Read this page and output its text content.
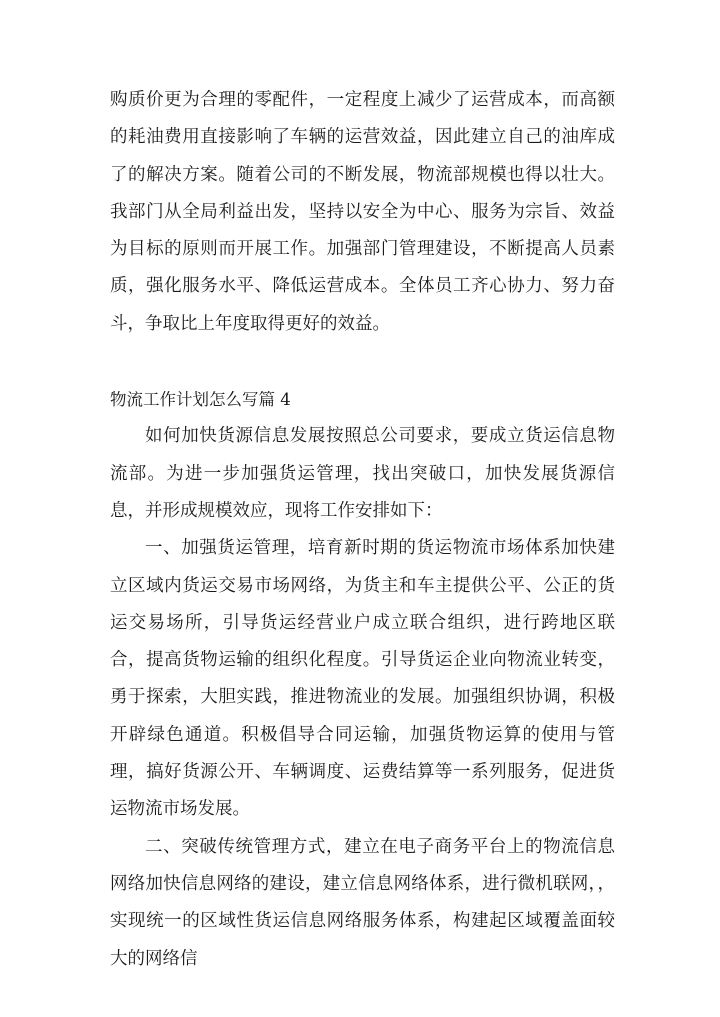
购质价更为合理的零配件，一定程度上减少了运营成本，而高额的耗油费用直接影响了车辆的运营效益，因此建立自己的油库成了的解决方案。随着公司的不断发展，物流部规模也得以壮大。我部门从全局利益出发，坚持以安全为中心、服务为宗旨、效益为目标的原则而开展工作。加强部门管理建设，不断提高人员素质，强化服务水平、降低运营成本。全体员工齐心协力、努力奋斗，争取比上年度取得更好的效益。

物流工作计划怎么写篇 4

如何加快货源信息发展按照总公司要求，要成立货运信息物流部。为进一步加强货运管理，找出突破口，加快发展货源信息，并形成规模效应，现将工作安排如下：

一、加强货运管理，培育新时期的货运物流市场体系加快建立区域内货运交易市场网络，为货主和车主提供公平、公正的货运交易场所，引导货运经营业户成立联合组织，进行跨地区联合，提高货物运输的组织化程度。引导货运企业向物流业转变，勇于探索，大胆实践，推进物流业的发展。加强组织协调，积极开辟绿色通道。积极倡导合同运输，加强货物运算的使用与管理，搞好货源公开、车辆调度、运费结算等一系列服务，促进货运物流市场发展。

二、突破传统管理方式，建立在电子商务平台上的物流信息网络加快信息网络的建设，建立信息网络体系，进行微机联网，，实现统一的区域性货运信息网络服务体系，构建起区域覆盖面较大的网络信
